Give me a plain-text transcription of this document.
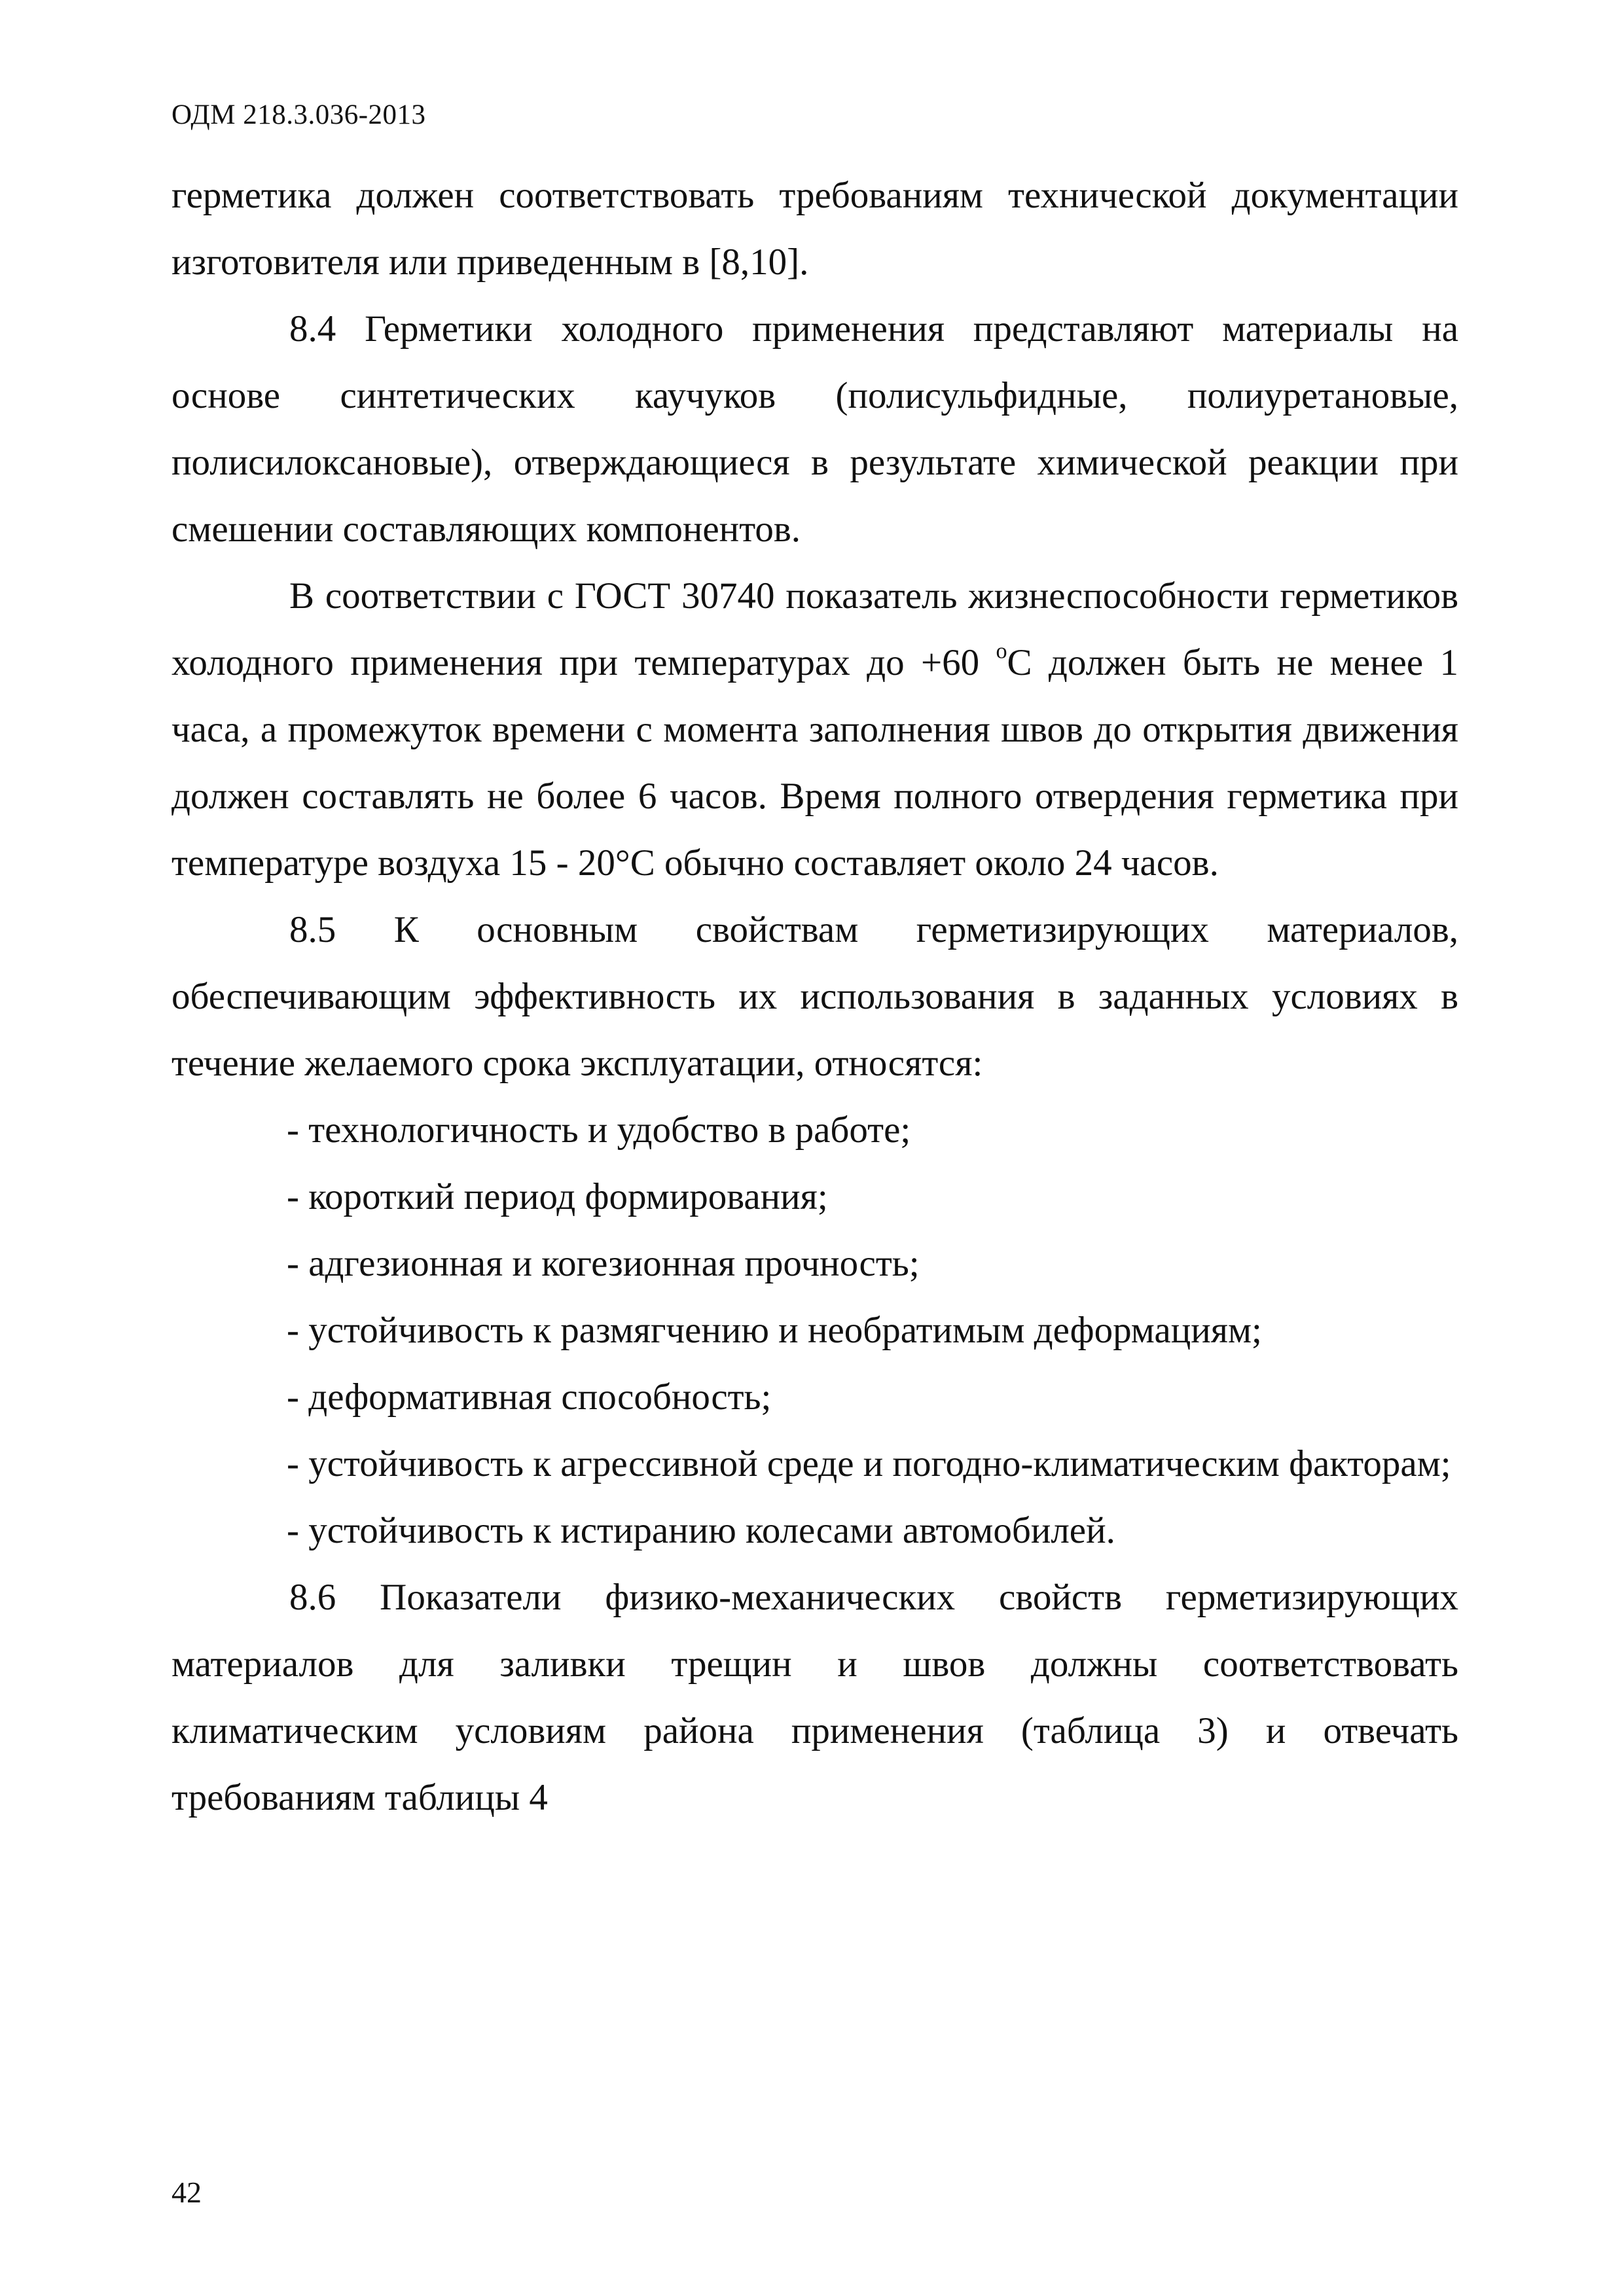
ОДМ 218.3.036-2013

герметика должен соответствовать требованиям технической документации изготовителя или приведенным в [8,10].

8.4 Герметики холодного применения представляют материалы на основе синтетических каучуков (полисульфидные, полиуретановые, полисилоксановые), отверждающиеся в результате химической реакции при смешении составляющих компонентов.

В соответствии с ГОСТ 30740 показатель жизнеспособности герметиков холодного применения при температурах до +60 $^o$С должен быть не менее 1 часа, а промежуток времени с момента заполнения швов до открытия движения должен составлять не более 6 часов. Время полного отвердения герметика при температуре воздуха 15 - 20°С обычно составляет около 24 часов.

8.5 К основным свойствам герметизирующих материалов, обеспечивающим эффективность их использования в заданных условиях в течение желаемого срока эксплуатации, относятся:

- технологичность и удобство в работе;

- короткий период формирования;

- адгезионная и когезионная прочность;

- устойчивость к размягчению и необратимым деформациям;

- деформативная способность;

- устойчивость к агрессивной среде и погодно-климатическим факторам;

- устойчивость к истиранию колесами автомобилей.

8.6 Показатели физико-механических свойств герметизирующих материалов для заливки трещин и швов должны соответствовать климатическим условиям района применения (таблица 3) и отвечать требованиям таблицы 4

42
